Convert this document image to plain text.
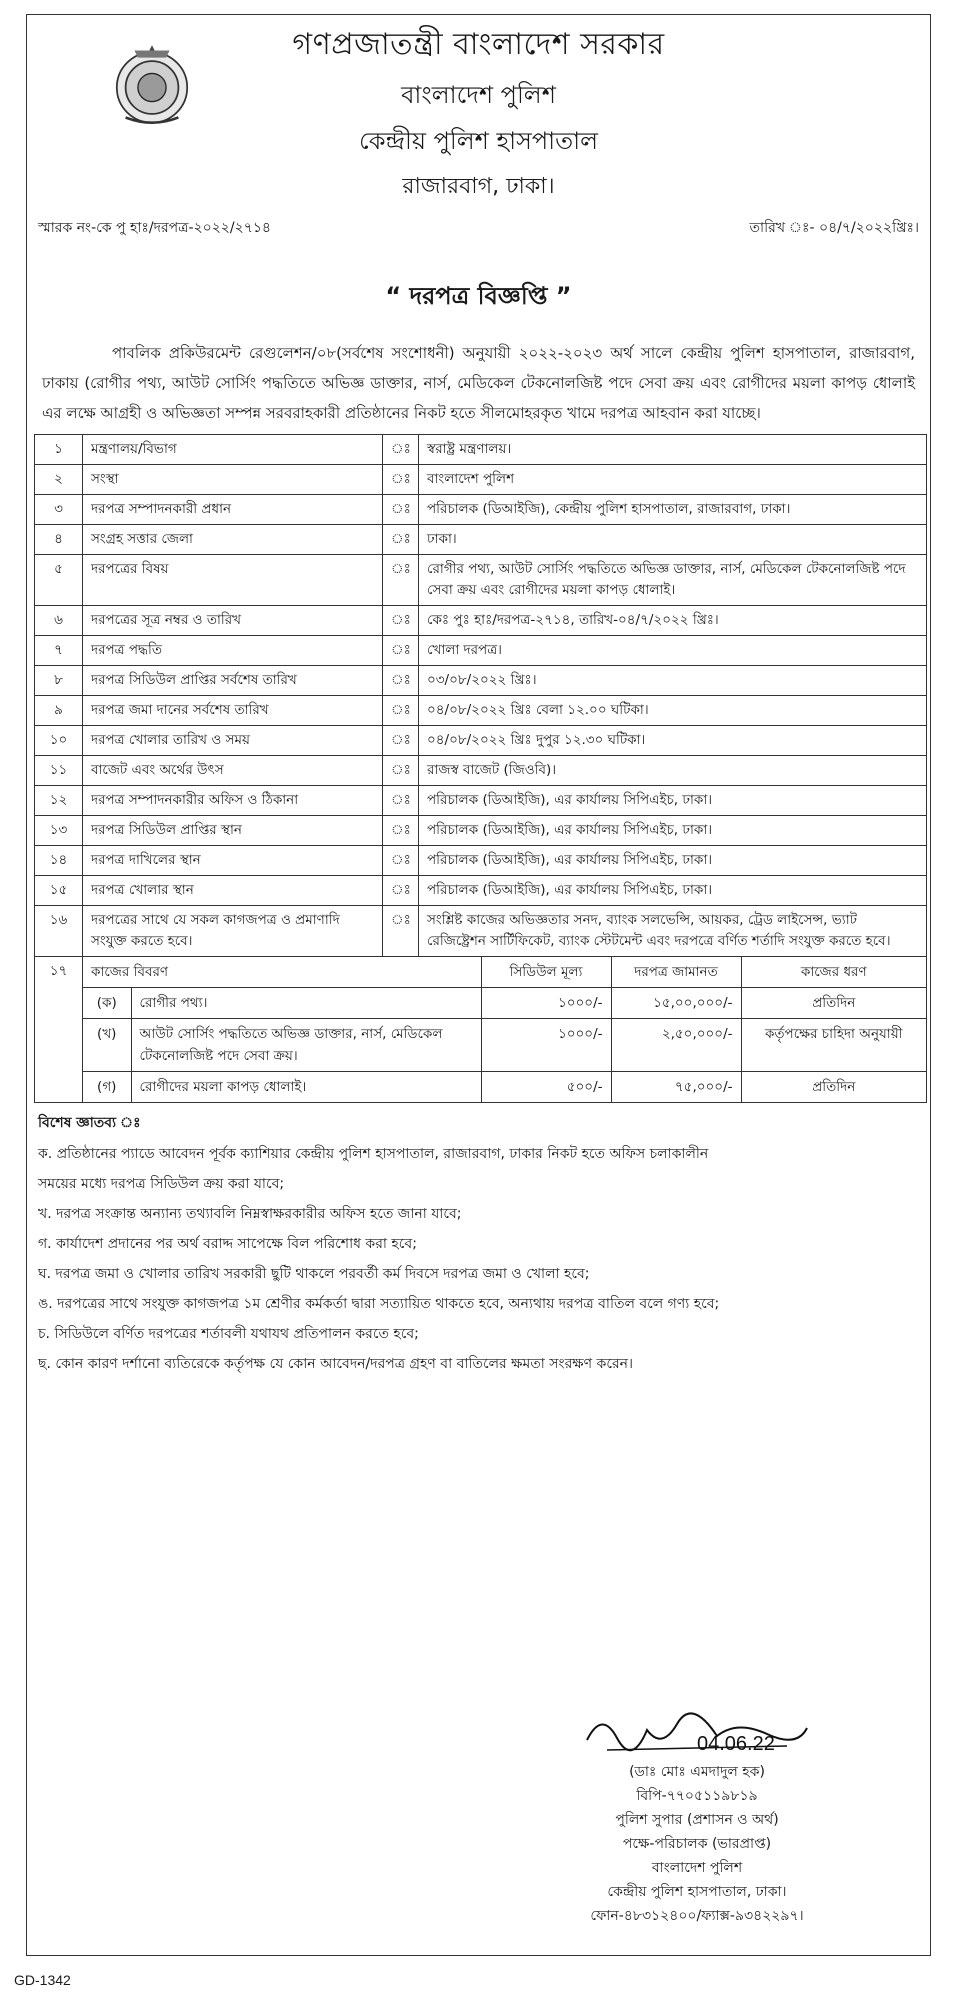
গণপ্রজাতন্ত্রী বাংলাদেশ সরকার
বাংলাদেশ পুলিশ
কেন্দ্রীয় পুলিশ হাসপাতাল
রাজারবাগ, ঢাকা।
স্মারক নং-কে পু হাঃ/দরপত্র-২০২২/২৭১৪	তারিখ ঃ- ০৪/৭/২০২২খ্রিঃ।
“ দরপত্র বিজ্ঞপ্তি ”
পাবলিক প্রকিউরমেন্ট রেগুলেশন/০৮(সর্বশেষ সংশোধনী) অনুযায়ী ২০২২-২০২৩ অর্থ সালে কেন্দ্রীয় পুলিশ হাসপাতাল, রাজারবাগ, ঢাকায় (রোগীর পথ্য, আউট সোর্সিং পদ্ধতিতে অভিজ্ঞ ডাক্তার, নার্স, মেডিকেল টেকনোলজিষ্ট পদে সেবা ক্রয় এবং রোগীদের ময়লা কাপড় ধোলাই এর লক্ষে আগ্রহী ও অভিজ্ঞতা সম্পন্ন সরবরাহকারী প্রতিষ্ঠানের নিকট হতে সীলমোহরকৃত খামে দরপত্র আহবান করা যাচ্ছে।
১	মন্ত্রণালয়/বিভাগ	ঃ	স্বরাষ্ট্র মন্ত্রণালয়।
২	সংস্থা	ঃ	বাংলাদেশ পুলিশ
৩	দরপত্র সম্পাদনকারী প্রধান	ঃ	পরিচালক (ডিআইজি), কেন্দ্রীয় পুলিশ হাসপাতাল, রাজারবাগ, ঢাকা।
৪	সংগ্রহ সত্তার জেলা	ঃ	ঢাকা।
৫	দরপত্রের বিষয়	ঃ	রোগীর পথ্য, আউট সোর্সিং পদ্ধতিতে অভিজ্ঞ ডাক্তার, নার্স, মেডিকেল টেকনোলজিষ্ট পদে সেবা ক্রয় এবং রোগীদের ময়লা কাপড় ধোলাই।
৬	দরপত্রের সূত্র নম্বর ও তারিখ	ঃ	কেঃ পুঃ হাঃ/দরপত্র-২৭১৪, তারিখ-০৪/৭/২০২২ খ্রিঃ।
৭	দরপত্র পদ্ধতি	ঃ	খোলা দরপত্র।
৮	দরপত্র সিডিউল প্রাপ্তির সর্বশেষ তারিখ	ঃ	০৩/০৮/২০২২ খ্রিঃ।
৯	দরপত্র জমা দানের সর্বশেষ তারিখ	ঃ	০৪/০৮/২০২২ খ্রিঃ বেলা ১২.০০ ঘটিকা।
১০	দরপত্র খোলার তারিখ ও সময়	ঃ	০৪/০৮/২০২২ খ্রিঃ দুপুর ১২.৩০ ঘটিকা।
১১	বাজেট এবং অর্থের উৎস	ঃ	রাজস্ব বাজেট (জিওবি)।
১২	দরপত্র সম্পাদনকারীর অফিস ও ঠিকানা	ঃ	পরিচালক (ডিআইজি), এর কার্যালয় সিপিএইচ, ঢাকা।
১৩	দরপত্র সিডিউল প্রাপ্তির স্থান	ঃ	পরিচালক (ডিআইজি), এর কার্যালয় সিপিএইচ, ঢাকা।
১৪	দরপত্র দাখিলের স্থান	ঃ	পরিচালক (ডিআইজি), এর কার্যালয় সিপিএইচ, ঢাকা।
১৫	দরপত্র খোলার স্থান	ঃ	পরিচালক (ডিআইজি), এর কার্যালয় সিপিএইচ, ঢাকা।
১৬	দরপত্রের সাথে যে সকল কাগজপত্র ও প্রমাণাদি সংযুক্ত করতে হবে।	ঃ	সংশ্লিষ্ট কাজের অভিজ্ঞতার সনদ, ব্যাংক সলভেন্সি, আয়কর, ট্রেড লাইসেন্স, ভ্যাট রেজিষ্ট্রেশন সার্টিফিকেট, ব্যাংক স্টেটমেন্ট এবং দরপত্রে বর্ণিত শর্তাদি সংযুক্ত করতে হবে।
১৭	কাজের বিবরণ	সিডিউল মূল্য	দরপত্র জামানত	কাজের ধরণ
(ক)	রোগীর পথ্য।	১০০০/-	১৫,০০,০০০/-	প্রতিদিন
(খ)	আউট সোর্সিং পদ্ধতিতে অভিজ্ঞ ডাক্তার, নার্স, মেডিকেল টেকনোলজিষ্ট পদে সেবা ক্রয়।	১০০০/-	২,৫০,০০০/-	কর্তৃপক্ষের চাহিদা অনুযায়ী
(গ)	রোগীদের ময়লা কাপড় ধোলাই।	৫০০/-	৭৫,০০০/-	প্রতিদিন
বিশেষ জ্ঞাতব্য ঃ
ক. প্রতিষ্ঠানের প্যাডে আবেদন পূর্বক ক্যাশিয়ার কেন্দ্রীয় পুলিশ হাসপাতাল, রাজারবাগ, ঢাকার নিকট হতে অফিস চলাকালীন
সময়ের মধ্যে দরপত্র সিডিউল ক্রয় করা যাবে;
খ. দরপত্র সংক্রান্ত অন্যান্য তথ্যাবলি নিম্নস্বাক্ষরকারীর অফিস হতে জানা যাবে;
গ. কার্যাদেশ প্রদানের পর অর্থ বরাদ্দ সাপেক্ষে বিল পরিশোধ করা হবে;
ঘ. দরপত্র জমা ও খোলার তারিখ সরকারী ছুটি থাকলে পরবর্তী কর্ম দিবসে দরপত্র জমা ও খোলা হবে;
ঙ. দরপত্রের সাথে সংযুক্ত কাগজপত্র ১ম শ্রেণীর কর্মকর্তা দ্বারা সত্যায়িত থাকতে হবে, অন্যথায় দরপত্র বাতিল বলে গণ্য হবে;
চ. সিডিউলে বর্ণিত দরপত্রের শর্তাবলী যথাযথ প্রতিপালন করতে হবে;
ছ. কোন কারণ দর্শানো ব্যতিরেকে কর্তৃপক্ষ যে কোন আবেদন/দরপত্র গ্রহণ বা বাতিলের ক্ষমতা সংরক্ষণ করেন।
04.06.22
(ডাঃ মোঃ এমদাদুল হক)
বিপি-৭৭০৫১১৯৮১৯
পুলিশ সুপার (প্রশাসন ও অর্থ)
পক্ষে-পরিচালক (ভারপ্রাপ্ত)
বাংলাদেশ পুলিশ
কেন্দ্রীয় পুলিশ হাসপাতাল, ঢাকা।
ফোন-৪৮৩১২৪০০/ফ্যাক্স-৯৩৪২২৯৭।
GD-1342
